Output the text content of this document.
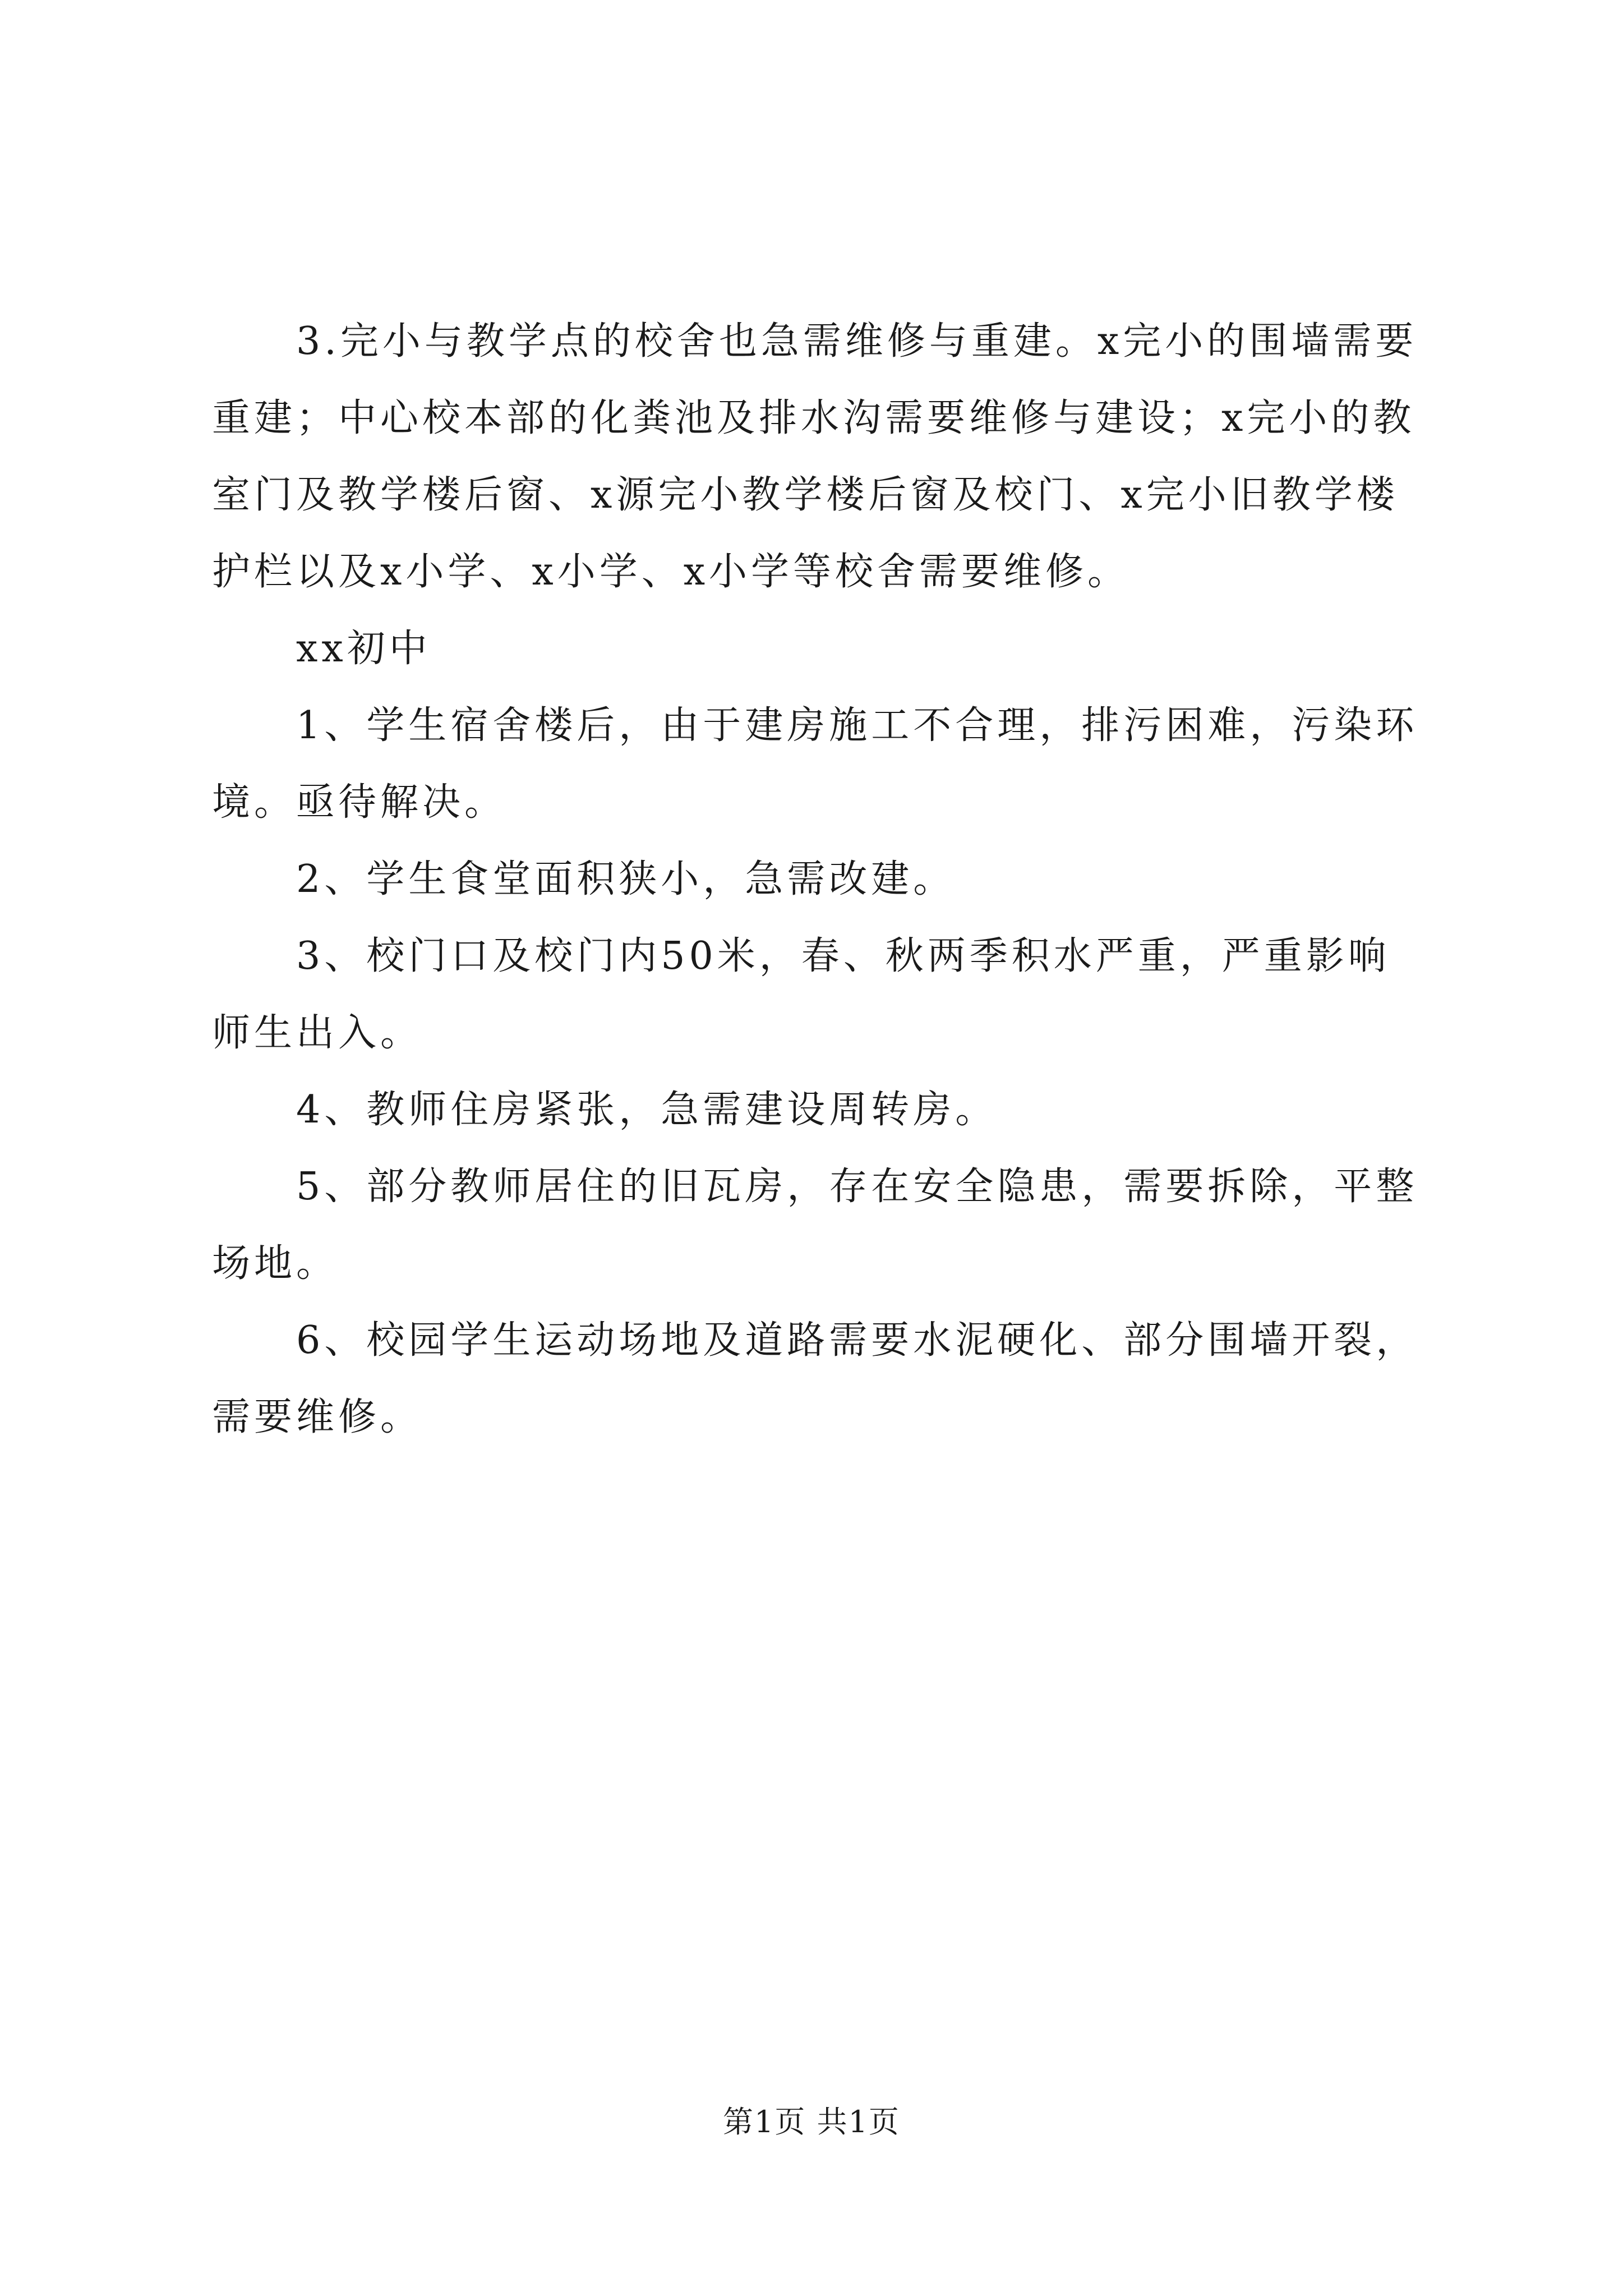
3.完小与教学点的校舍也急需维修与重建。x完小的围墙需要重建；中心校本部的化粪池及排水沟需要维修与建设；x完小的教室门及教学楼后窗、x源完小教学楼后窗及校门、x完小旧教学楼护栏以及x小学、x小学、x小学等校舍需要维修。

xx初中

1、学生宿舍楼后，由于建房施工不合理，排污困难，污染环境。亟待解决。

2、学生食堂面积狭小，急需改建。

3、校门口及校门内50米，春、秋两季积水严重，严重影响师生出入。

4、教师住房紧张，急需建设周转房。

5、部分教师居住的旧瓦房，存在安全隐患，需要拆除，平整场地。

6、校园学生运动场地及道路需要水泥硬化、部分围墙开裂，需要维修。

第1页 共1页
